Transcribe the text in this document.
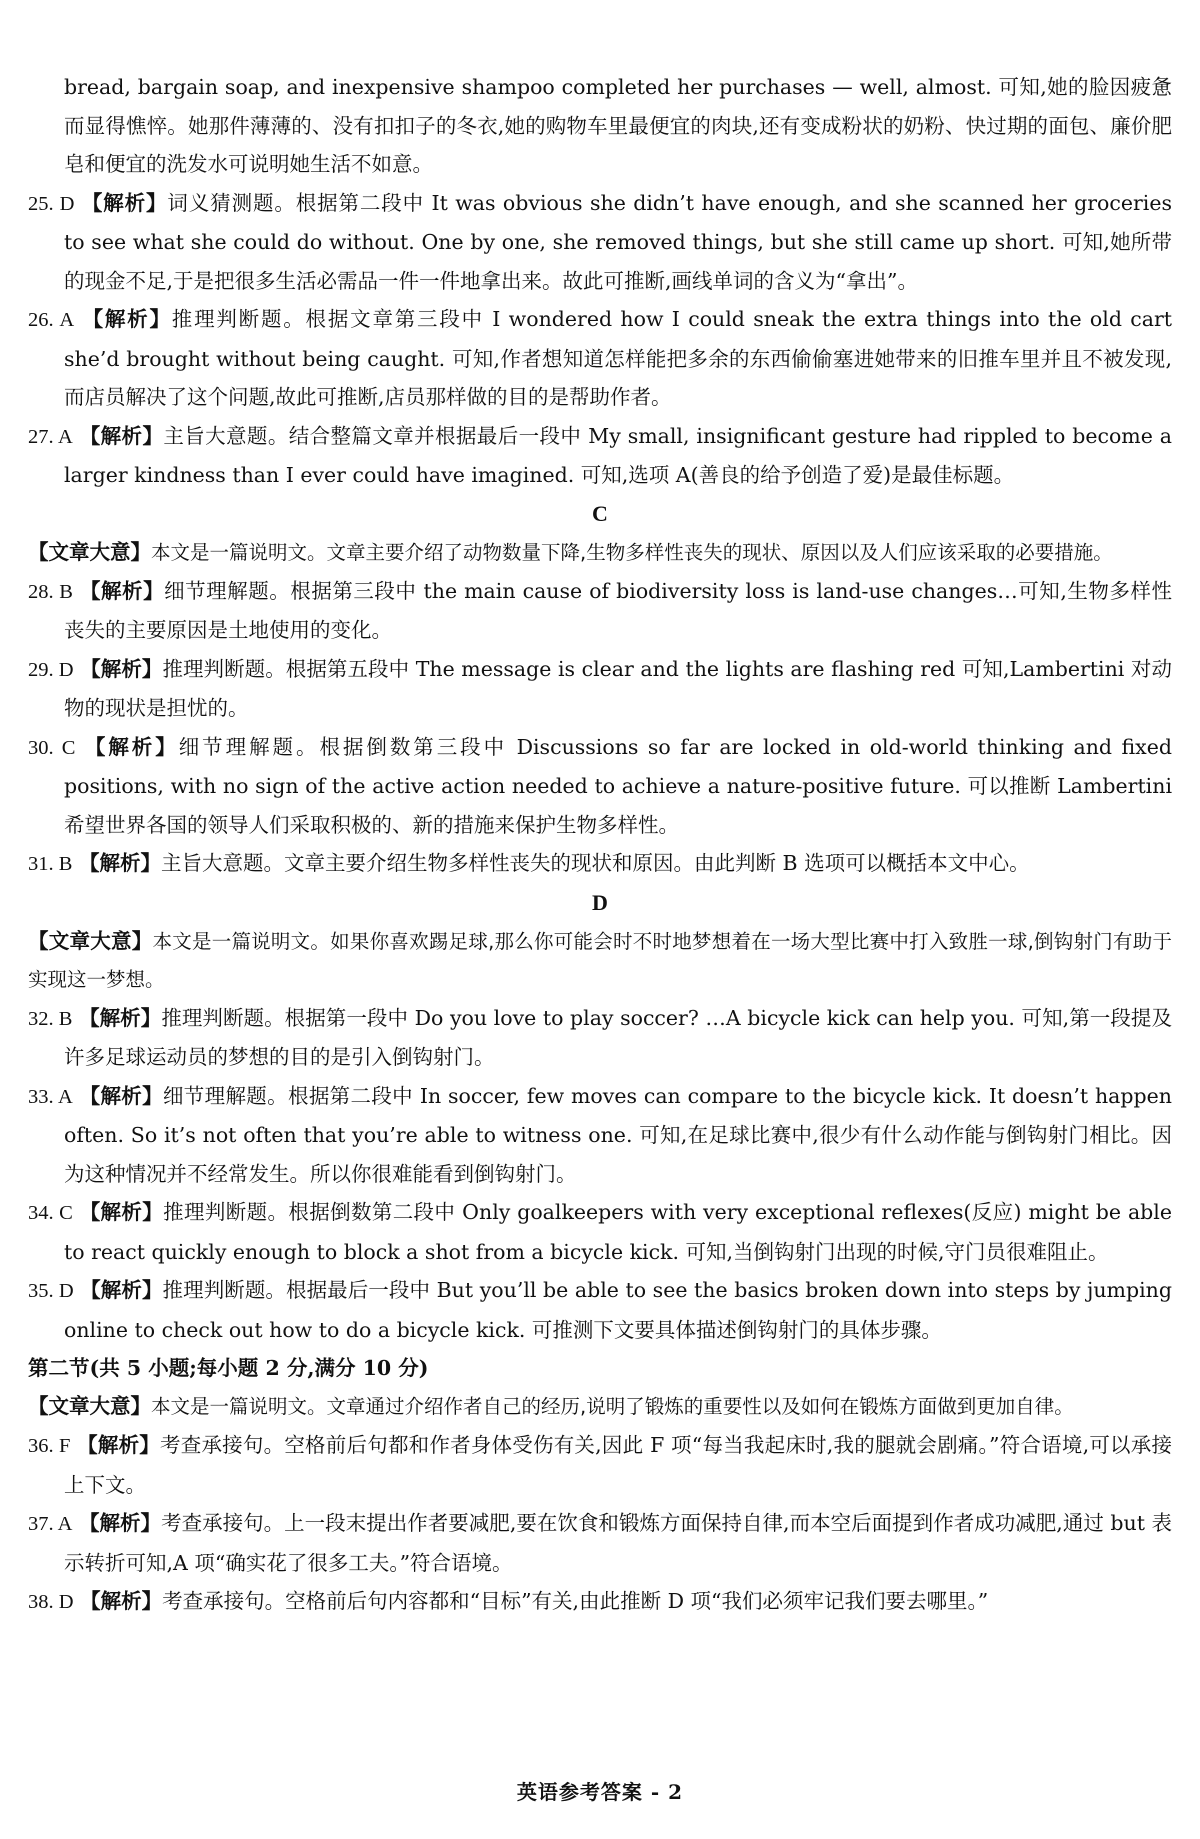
bread, bargain soap, and inexpensive shampoo completed her purchases — well, almost. 可知,她的脸因疲惫而显得憔悴。她那件薄薄的、没有扣扣子的冬衣,她的购物车里最便宜的肉块,还有变成粉状的奶粉、快过期的面包、廉价肥皂和便宜的洗发水可说明她生活不如意。

25. D 【解析】词义猜测题。根据第二段中 It was obvious she didn’t have enough, and she scanned her groceries to see what she could do without. One by one, she removed things, but she still came up short. 可知,她所带的现金不足,于是把很多生活必需品一件一件地拿出来。故此可推断,画线单词的含义为“拿出”。

26. A 【解析】推理判断题。根据文章第三段中 I wondered how I could sneak the extra things into the old cart she’d brought without being caught. 可知,作者想知道怎样能把多余的东西偷偷塞进她带来的旧推车里并且不被发现,而店员解决了这个问题,故此可推断,店员那样做的目的是帮助作者。

27. A 【解析】主旨大意题。结合整篇文章并根据最后一段中 My small, insignificant gesture had rippled to become a larger kindness than I ever could have imagined. 可知,选项 A(善良的给予创造了爱)是最佳标题。

C

【文章大意】本文是一篇说明文。文章主要介绍了动物数量下降,生物多样性丧失的现状、原因以及人们应该采取的必要措施。

28. B 【解析】细节理解题。根据第三段中 the main cause of biodiversity loss is land-use changes…可知,生物多样性丧失的主要原因是土地使用的变化。

29. D 【解析】推理判断题。根据第五段中 The message is clear and the lights are flashing red 可知,Lambertini 对动物的现状是担忧的。

30. C 【解析】细节理解题。根据倒数第三段中 Discussions so far are locked in old-world thinking and fixed positions, with no sign of the active action needed to achieve a nature-positive future. 可以推断 Lambertini 希望世界各国的领导人们采取积极的、新的措施来保护生物多样性。

31. B 【解析】主旨大意题。文章主要介绍生物多样性丧失的现状和原因。由此判断 B 选项可以概括本文中心。

D

【文章大意】本文是一篇说明文。如果你喜欢踢足球,那么你可能会时不时地梦想着在一场大型比赛中打入致胜一球,倒钩射门有助于实现这一梦想。

32. B 【解析】推理判断题。根据第一段中 Do you love to play soccer? …A bicycle kick can help you. 可知,第一段提及许多足球运动员的梦想的目的是引入倒钩射门。

33. A 【解析】细节理解题。根据第二段中 In soccer, few moves can compare to the bicycle kick. It doesn’t happen often. So it’s not often that you’re able to witness one. 可知,在足球比赛中,很少有什么动作能与倒钩射门相比。因为这种情况并不经常发生。所以你很难能看到倒钩射门。

34. C 【解析】推理判断题。根据倒数第二段中 Only goalkeepers with very exceptional reflexes(反应) might be able to react quickly enough to block a shot from a bicycle kick. 可知,当倒钩射门出现的时候,守门员很难阻止。

35. D 【解析】推理判断题。根据最后一段中 But you’ll be able to see the basics broken down into steps by jumping online to check out how to do a bicycle kick. 可推测下文要具体描述倒钩射门的具体步骤。

第二节(共 5 小题;每小题 2 分,满分 10 分)

【文章大意】本文是一篇说明文。文章通过介绍作者自己的经历,说明了锻炼的重要性以及如何在锻炼方面做到更加自律。

36. F 【解析】考查承接句。空格前后句都和作者身体受伤有关,因此 F 项“每当我起床时,我的腿就会剧痛。”符合语境,可以承接上下文。

37. A 【解析】考查承接句。上一段末提出作者要减肥,要在饮食和锻炼方面保持自律,而本空后面提到作者成功减肥,通过 but 表示转折可知,A 项“确实花了很多工夫。”符合语境。

38. D 【解析】考查承接句。空格前后句内容都和“目标”有关,由此推断 D 项“我们必须牢记我们要去哪里。”

英语参考答案 - 2
